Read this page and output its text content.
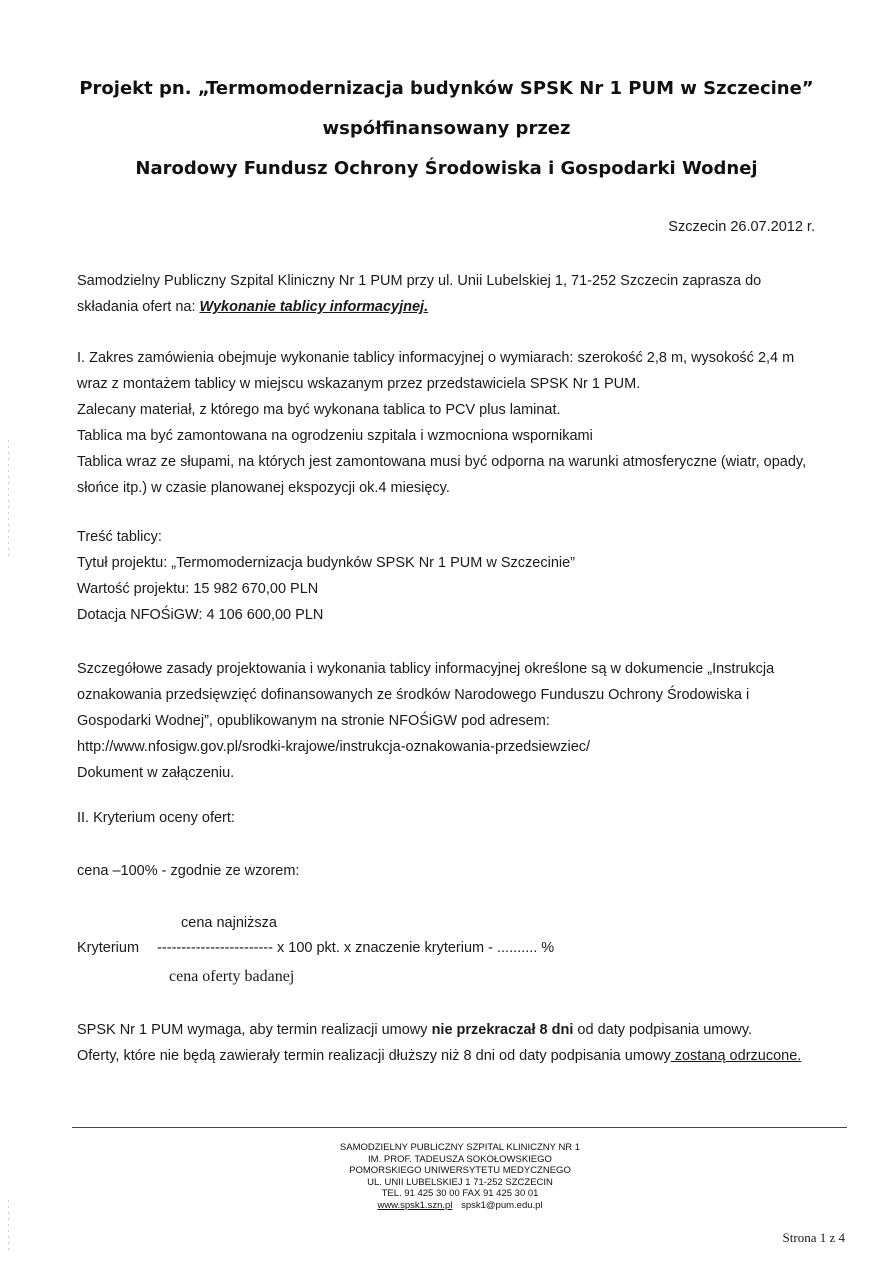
Projekt pn. „Termomodernizacja budynków SPSK Nr 1 PUM w Szczecine”
współfinansowany przez
Narodowy Fundusz Ochrony Środowiska i Gospodarki Wodnej
Szczecin 26.07.2012 r.
Samodzielny Publiczny Szpital Kliniczny Nr 1 PUM przy ul. Unii Lubelskiej 1, 71-252 Szczecin zaprasza do
składania ofert na: Wykonanie tablicy informacyjnej.
I. Zakres zamówienia obejmuje wykonanie tablicy informacyjnej o wymiarach: szerokość 2,8 m, wysokość 2,4 m
wraz z montażem tablicy w miejscu wskazanym przez przedstawiciela SPSK Nr 1 PUM.
Zalecany materiał, z którego ma być wykonana tablica to PCV plus laminat.
Tablica ma być zamontowana na ogrodzeniu szpitala i wzmocniona wspornikami
Tablica wraz ze słupami, na których jest zamontowana musi być odporna na warunki atmosferyczne (wiatr, opady,
słońce itp.) w czasie planowanej ekspozycji ok.4 miesięcy.
Treść tablicy:
Tytuł projektu: „Termomodernizacja budynków SPSK Nr 1 PUM w Szczecinie”
Wartość projektu: 15 982 670,00 PLN
Dotacja NFOŚiGW: 4 106 600,00 PLN
Szczegółowe zasady projektowania i wykonania tablicy informacyjnej określone są w dokumencie „Instrukcja
oznakowania przedsięwzięć dofinansowanych ze środków Narodowego Funduszu Ochrony Środowiska i
Gospodarki Wodnej”, opublikowanym na stronie NFOŚiGW pod adresem:
http://www.nfosigw.gov.pl/srodki-krajowe/instrukcja-oznakowania-przedsiewziec/
Dokument w załączeniu.
II. Kryterium oceny ofert:
cena –100% - zgodnie ze wzorem:
cena najniższa
Kryterium ------------------------ x 100 pkt. x znaczenie kryterium - .......... %
cena oferty badanej
SPSK Nr 1 PUM wymaga, aby termin realizacji umowy nie przekraczał 8 dni od daty podpisania umowy.
Oferty, które nie będą zawierały termin realizacji dłuższy niż 8 dni od daty podpisania umowy zostaną odrzucone.
SAMODZIELNY PUBLICZNY SZPITAL KLINICZNY NR 1
IM. PROF. TADEUSZA SOKOŁOWSKIEGO
POMORSKIEGO UNIWERSYTETU MEDYCZNEGO
UL. UNII LUBELSKIEJ 1 71-252 SZCZECIN
TEL. 91 425 30 00 FAX 91 425 30 01
www.spsk1.szn.pl spsk1@pum.edu.pl
Strona 1 z 4
